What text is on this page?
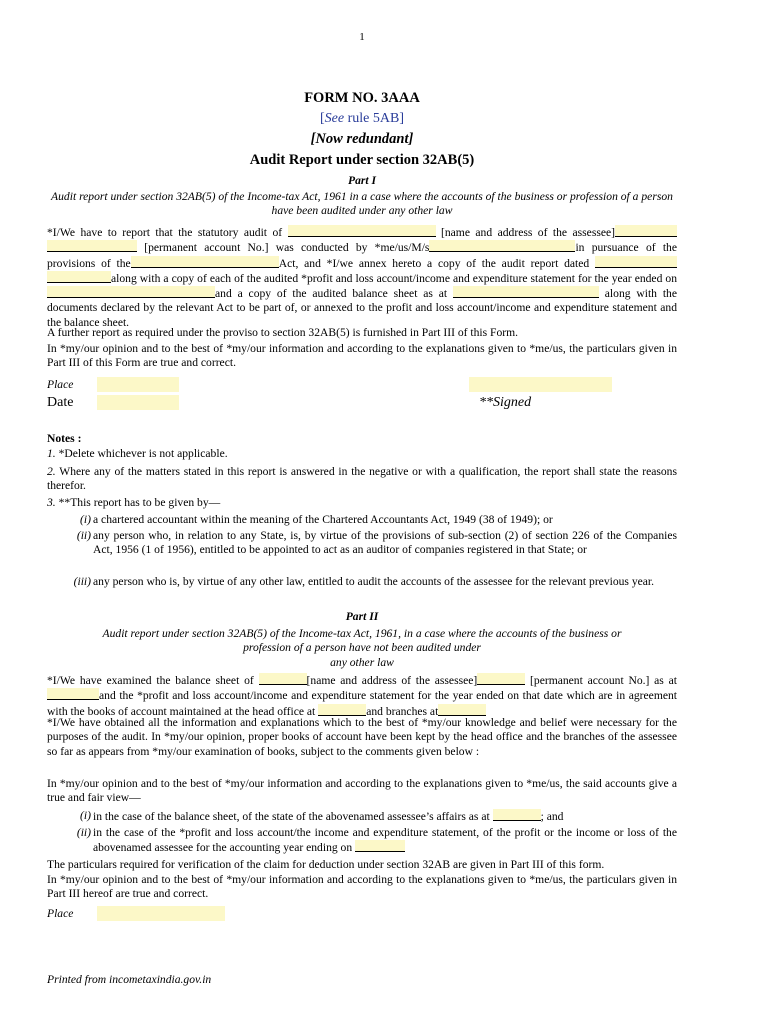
1
FORM NO. 3AAA
[See rule 5AB]
[Now redundant]
Audit Report under section 32AB(5)
Part I
Audit report under section 32AB(5) of the Income-tax Act, 1961 in a case where the accounts of the business or profession of a person have been audited under any other law
*I/We have to report that the statutory audit of	[name and address of the assessee]  [permanent account No.] was conducted by *me/us/M/s	in pursuance of the provisions of the	Act, and *I/we annex hereto a copy of the audit report dated  along with a copy of each of the audited *profit and loss account/income and expenditure statement for the year ended on and a copy of the audited balance sheet as at	along with the documents declared by the relevant Act to be part of, or annexed to the profit and loss account/income and expenditure statement and the balance sheet.
A further report as required under the proviso to section 32AB(5) is furnished in Part III of this Form.
In *my/our opinion and to the best of *my/our information and according to the explanations given to *me/us, the particulars given in Part III of this Form are true and correct.
Place
Date	**Signed
Notes :
1. *Delete whichever is not applicable.
2. Where any of the matters stated in this report is answered in the negative or with a qualification, the report shall state the reasons therefor.
3. **This report has to be given by—
(i) a chartered accountant within the meaning of the Chartered Accountants Act, 1949 (38 of 1949); or
(ii) any person who, in relation to any State, is, by virtue of the provisions of sub-section (2) of section 226 of the Companies Act, 1956 (1 of 1956), entitled to be appointed to act as an auditor of companies registered in that State; or
(iii) any person who is, by virtue of any other law, entitled to audit the accounts of the assessee for the relevant previous year.
Part II
Audit report under section 32AB(5) of the Income-tax Act, 1961, in a case where the accounts of the business or
profession of a person have not been audited under
any other law
*I/We have examined the balance sheet of	[name and address of the assessee]	[permanent account No.] as at and the *profit and loss account/income and expenditure statement for the year ended on that date which are in agreement with the books of account maintained at the head office at	and branches at
*I/We have obtained all the information and explanations which to the best of *my/our knowledge and belief were necessary for the purposes of the audit. In *my/our opinion, proper books of account have been kept by the head office and the branches of the assessee so far as appears from *my/our examination of books, subject to the comments given below :
In *my/our opinion and to the best of *my/our information and according to the explanations given to *me/us, the said accounts give a true and fair view—
(i) in the case of the balance sheet, of the state of the abovenamed assessee’s affairs as at	; and
(ii) in the case of the *profit and loss account/the income and expenditure statement, of the profit or the income or loss of the abovenamed assessee for the accounting year ending on
The particulars required for verification of the claim for deduction under section 32AB are given in Part III of this form.
In *my/our opinion and to the best of *my/our information and according to the explanations given to *me/us, the particulars given in Part III hereof are true and correct.
Place
Printed from incometaxindia.gov.in
